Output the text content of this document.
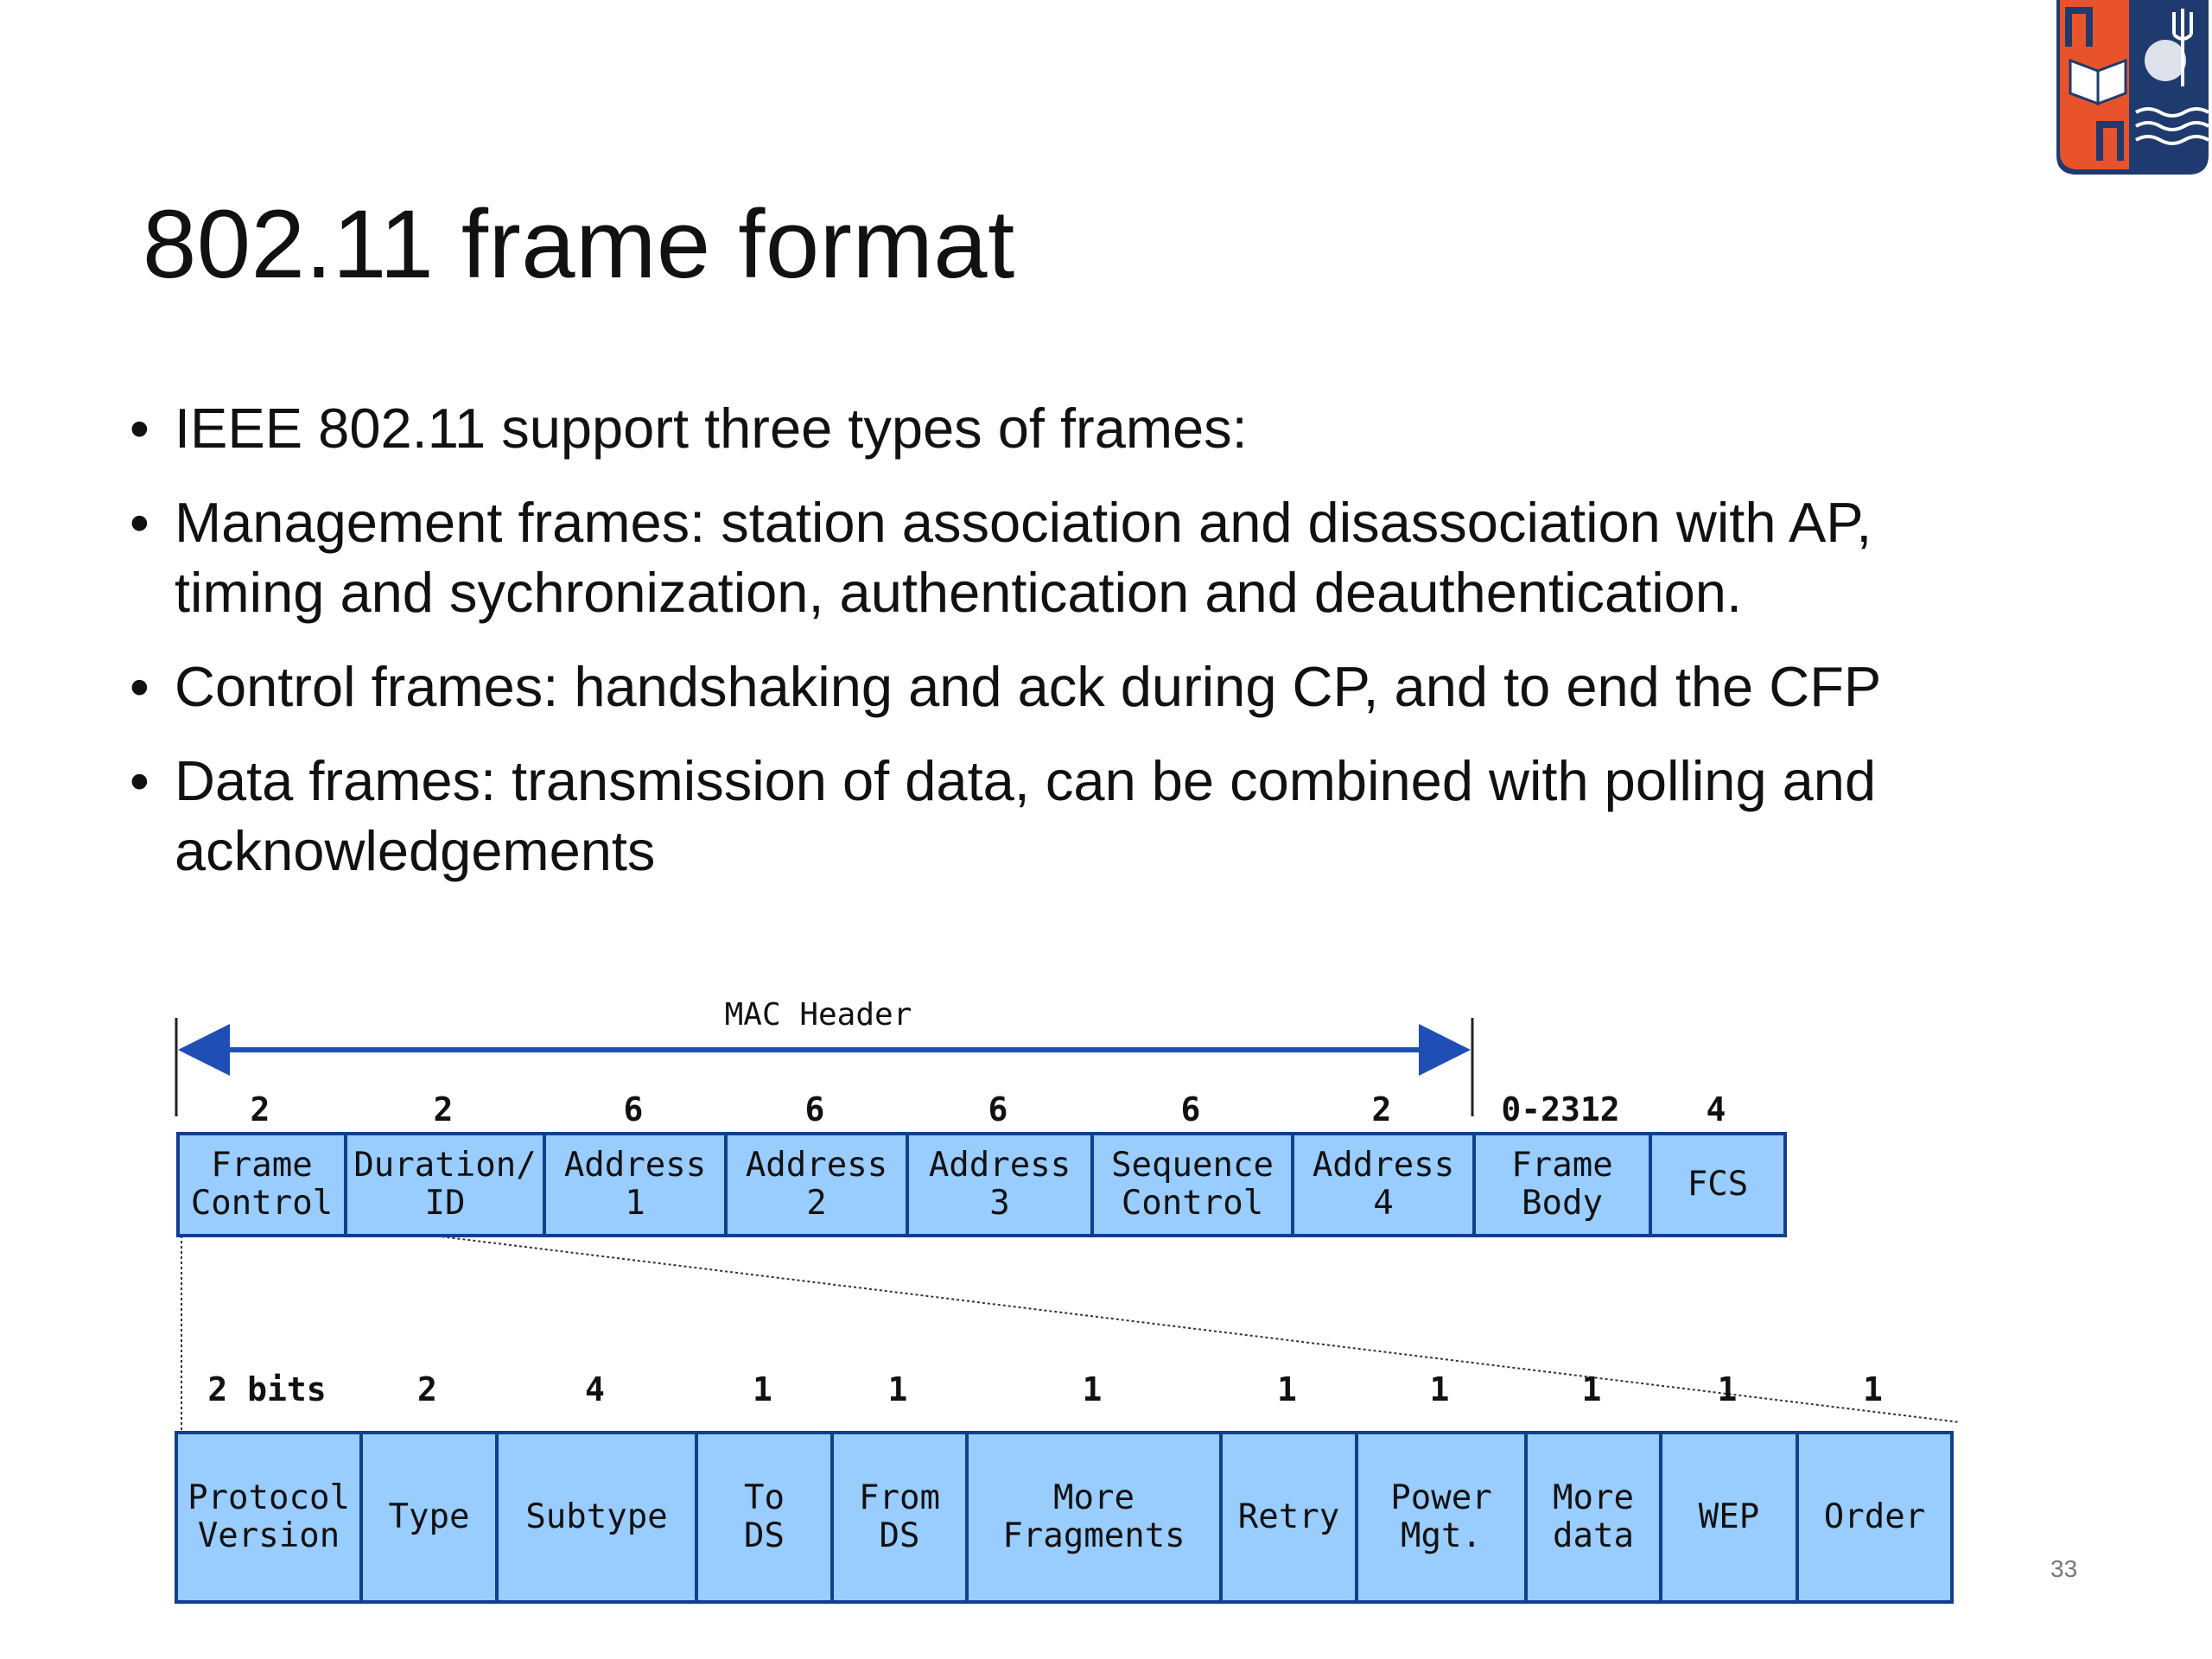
802.11 frame format
• IEEE 802.11 support three types of frames:
• Management frames: station association and disassociation with AP, timing and sychronization, authentication and deauthentication.
• Control frames: handshaking and ack during CP, and to end the CFP
• Data frames: transmission of data, can be combined with polling and acknowledgements
MAC Header
Frame
Control
2
Duration/
ID
2
Address
1
6
Address
2
6
Address
3
6
Sequence
Control
6
Address
4
2
Frame
Body
0-2312
FCS
4
Protocol
Version
2 bits
Type
2
Subtype
4
To
DS
1
From
DS
1
More
Fragments
1
Retry
1
Power
Mgt.
1
More
data
1
WEP
1
Order
1
33
